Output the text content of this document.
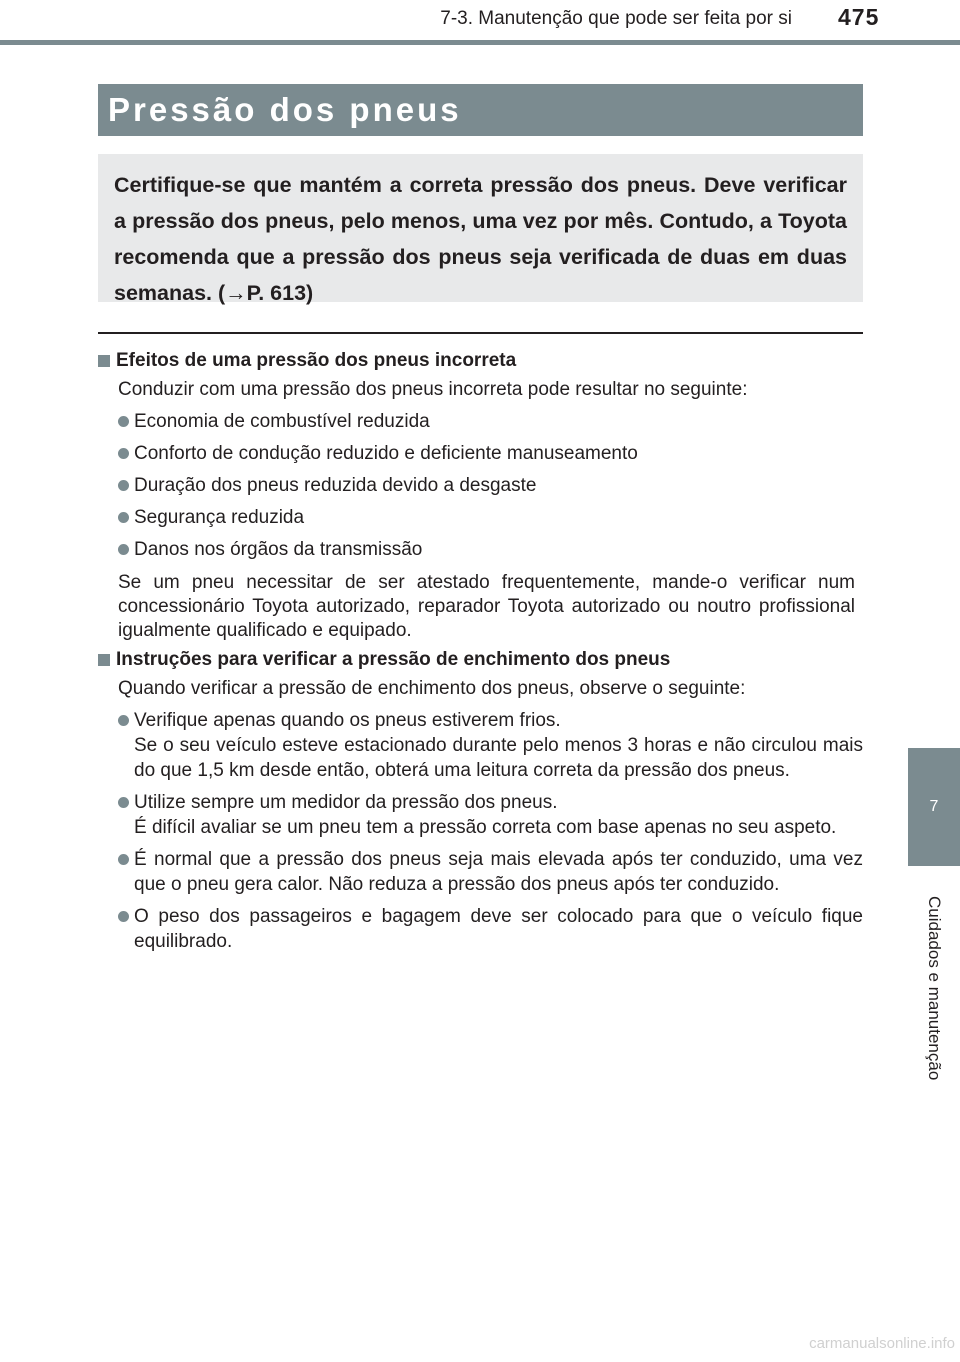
7-3. Manutenção que pode ser feita por si 475
7
Cuidados e manutenção
Pressão dos pneus
Certifique-se que mantém a correta pressão dos pneus. Deve verificar a pressão dos pneus, pelo menos, uma vez por mês. Contudo, a Toyota recomenda que a pressão dos pneus seja verificada de duas em duas semanas. (→P. 613)
Efeitos de uma pressão dos pneus incorreta
Conduzir com uma pressão dos pneus incorreta pode resultar no seguinte:
Economia de combustível reduzida
Conforto de condução reduzido e deficiente manuseamento
Duração dos pneus reduzida devido a desgaste
Segurança reduzida
Danos nos órgãos da transmissão
Se um pneu necessitar de ser atestado frequentemente, mande-o verificar num concessionário Toyota autorizado, reparador Toyota autorizado ou noutro profissional igualmente qualificado e equipado.
Instruções para verificar a pressão de enchimento dos pneus
Quando verificar a pressão de enchimento dos pneus, observe o seguinte:
Verifique apenas quando os pneus estiverem frios.
Se o seu veículo esteve estacionado durante pelo menos 3 horas e não circulou mais do que 1,5 km desde então, obterá uma leitura correta da pressão dos pneus.
Utilize sempre um medidor da pressão dos pneus.
É difícil avaliar se um pneu tem a pressão correta com base apenas no seu aspeto.
É normal que a pressão dos pneus seja mais elevada após ter conduzido, uma vez que o pneu gera calor. Não reduza a pressão dos pneus após ter conduzido.
O peso dos passageiros e bagagem deve ser colocado para que o veículo fique equilibrado.
carmanualsonline.info
